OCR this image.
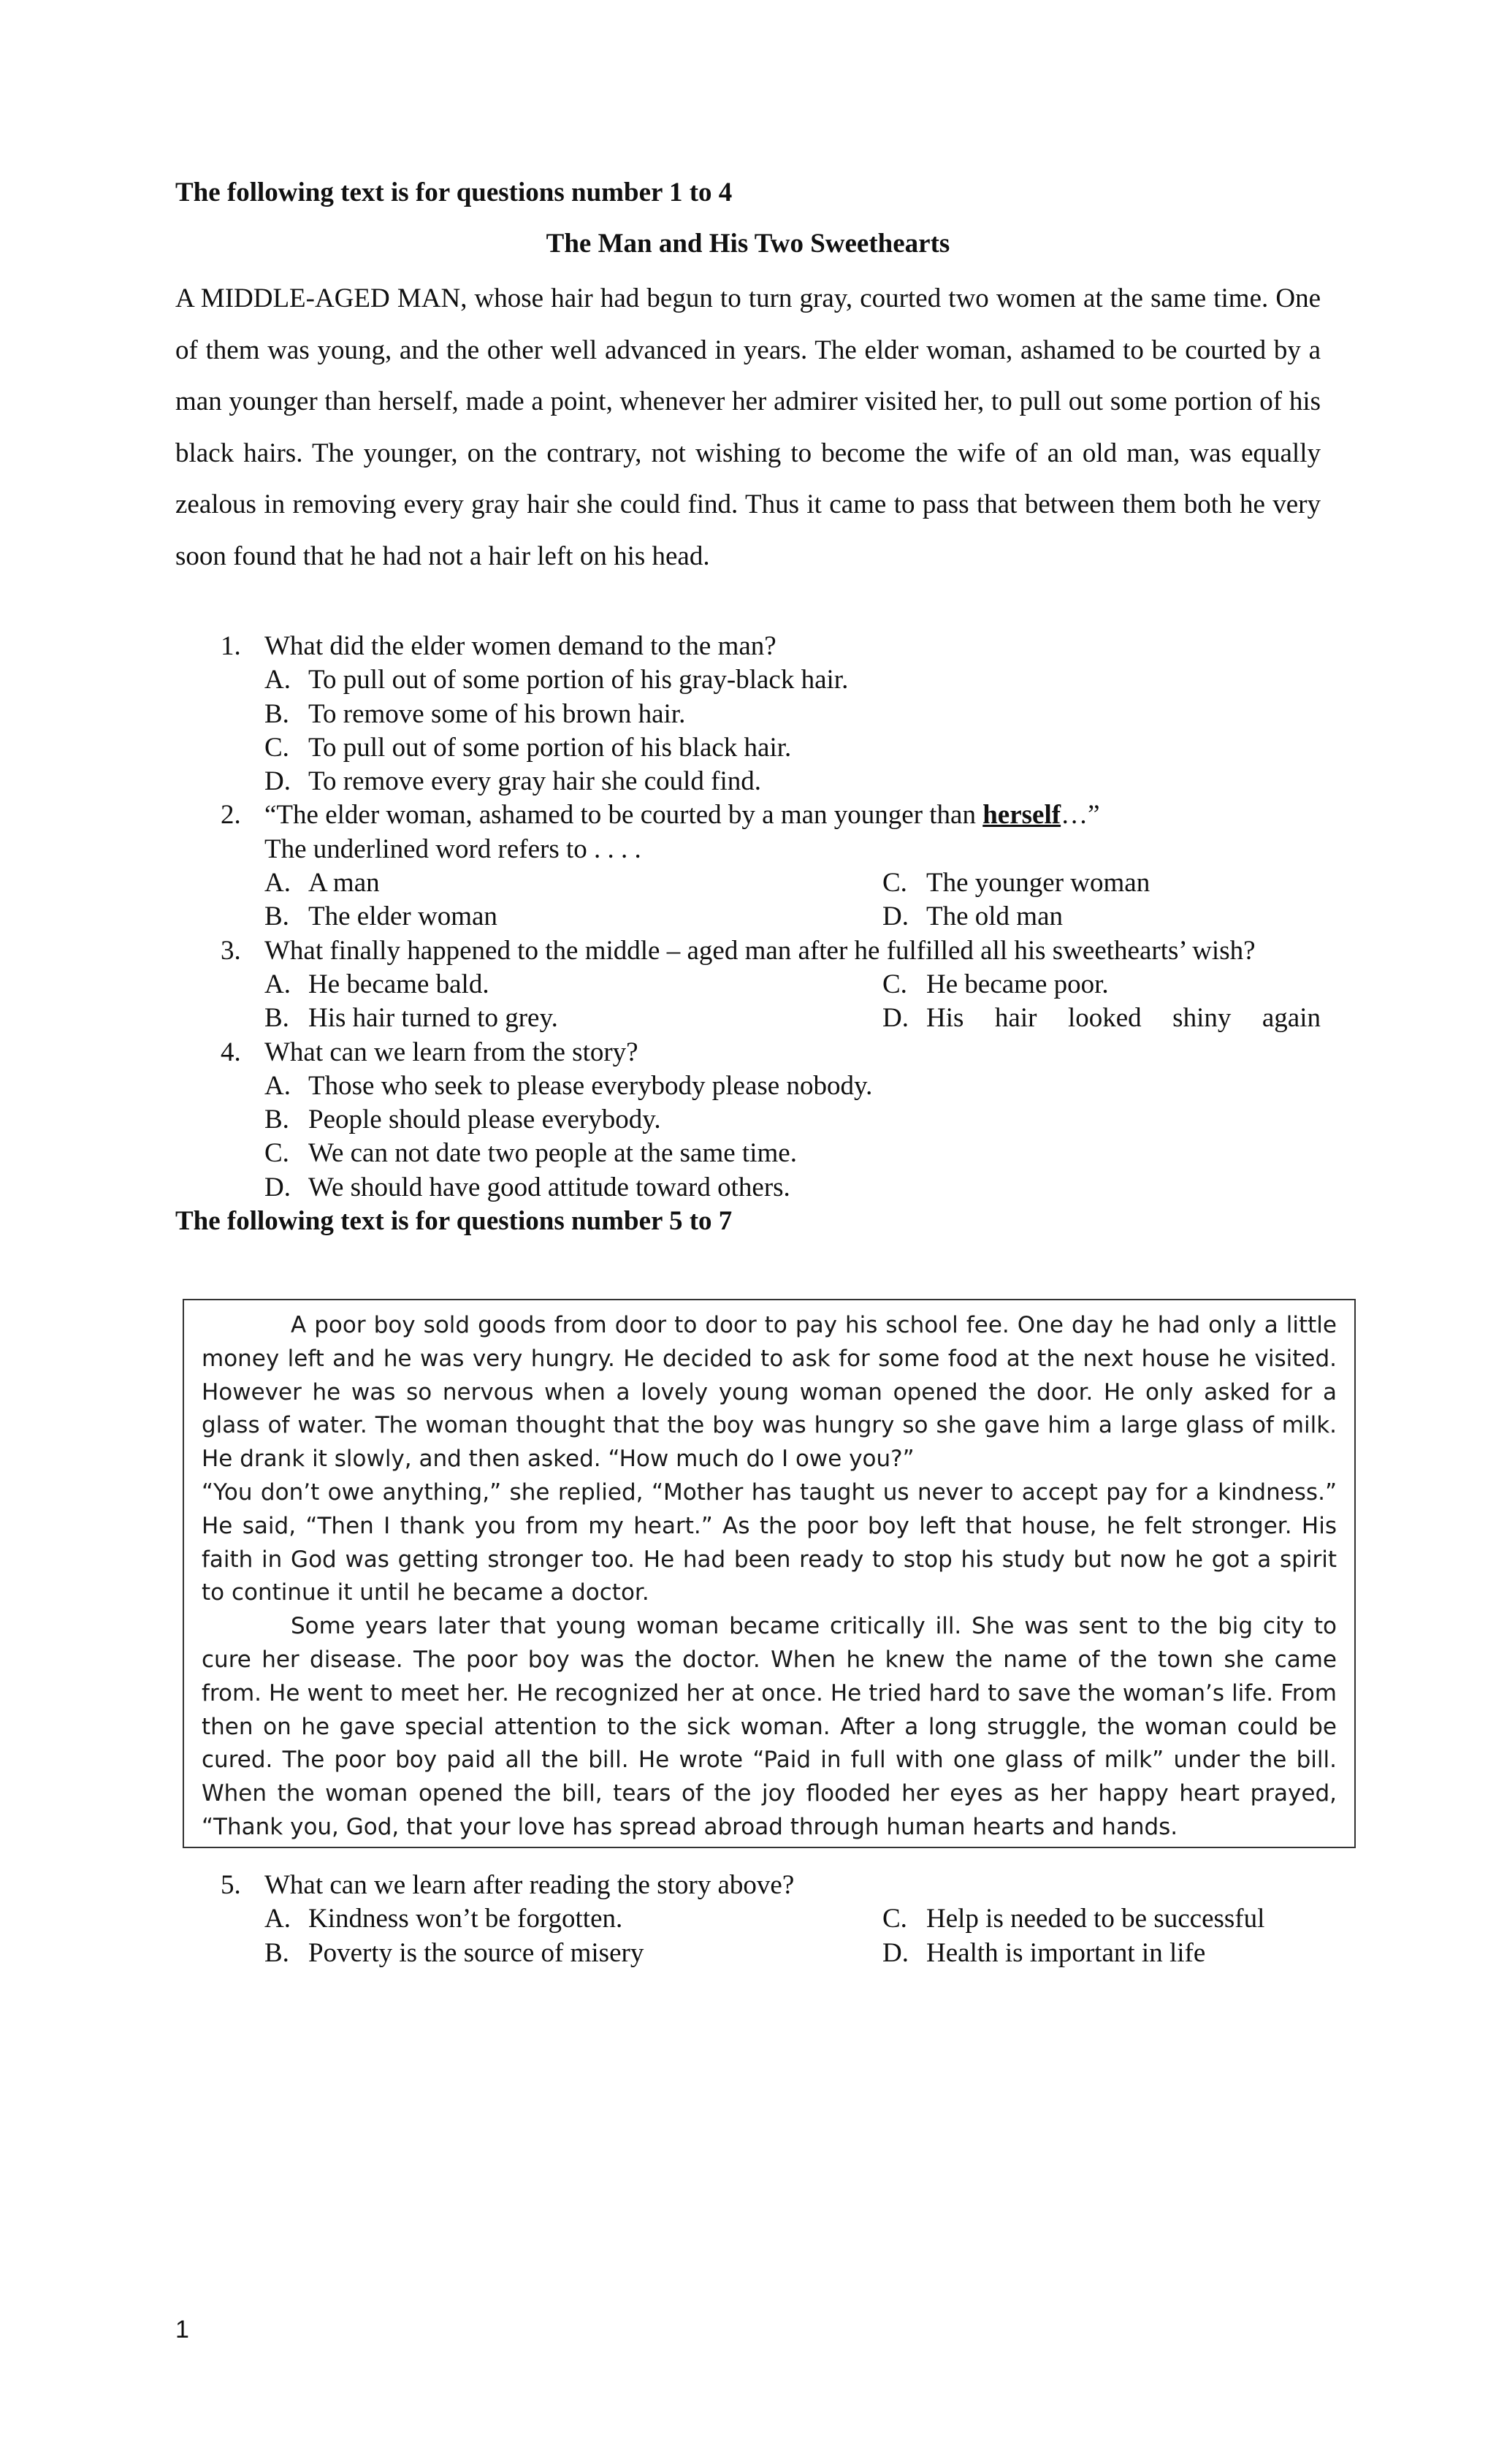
The following text is for questions number 1 to 4
The Man and His Two Sweethearts
A MIDDLE-AGED MAN, whose hair had begun to turn gray, courted two women at the same time. One of them was young, and the other well advanced in years. The elder woman, ashamed to be courted by a man younger than herself, made a point, whenever her admirer visited her, to pull out some portion of his black hairs. The younger, on the contrary, not wishing to become the wife of an old man, was equally zealous in removing every gray hair she could find. Thus it came to pass that between them both he very soon found that he had not a hair left on his head.
1. What did the elder women demand to the man?
A. To pull out of some portion of his gray-black hair.
B. To remove some of his brown hair.
C. To pull out of some portion of his black hair.
D. To remove every gray hair she could find.
2. “The elder woman, ashamed to be courted by a man younger than herself…”
The underlined word refers to . . . .
A. A man	C. The younger woman
B. The elder woman	D. The old man
3. What finally happened to the middle – aged man after he fulfilled all his sweethearts’ wish?
A. He became bald.	C. He became poor.
B. His hair turned to grey.	D. His hair looked shiny again
4. What can we learn from the story?
A. Those who seek to please everybody please nobody.
B. People should please everybody.
C. We can not date two people at the same time.
D. We should have good attitude toward others.
The following text is for questions number 5 to 7

A poor boy sold goods from door to door to pay his school fee. One day he had only a little money left and he was very hungry. He decided to ask for some food at the next house he visited. However he was so nervous when a lovely young woman opened the door. He only asked for a glass of water. The woman thought that the boy was hungry so she gave him a large glass of milk. He drank it slowly, and then asked. “How much do I owe you?”

“You don’t owe anything,” she replied, “Mother has taught us never to accept pay for a kindness.” He said, “Then I thank you from my heart.” As the poor boy left that house, he felt stronger. His faith in God was getting stronger too. He had been ready to stop his study but now he got a spirit to continue it until he became a doctor.

Some years later that young woman became critically ill. She was sent to the big city to cure her disease. The poor boy was the doctor. When he knew the name of the town she came from. He went to meet her. He recognized her at once. He tried hard to save the woman’s life. From then on he gave special attention to the sick woman. After a long struggle, the woman could be cured. The poor boy paid all the bill. He wrote “Paid in full with one glass of milk” under the bill. When the woman opened the bill, tears of the joy flooded her eyes as her happy heart prayed, “Thank you, God, that your love has spread abroad through human hearts and hands.

5. What can we learn after reading the story above?
A. Kindness won’t be forgotten.	C. Help is needed to be successful
B. Poverty is the source of misery	D. Health is important in life
1
